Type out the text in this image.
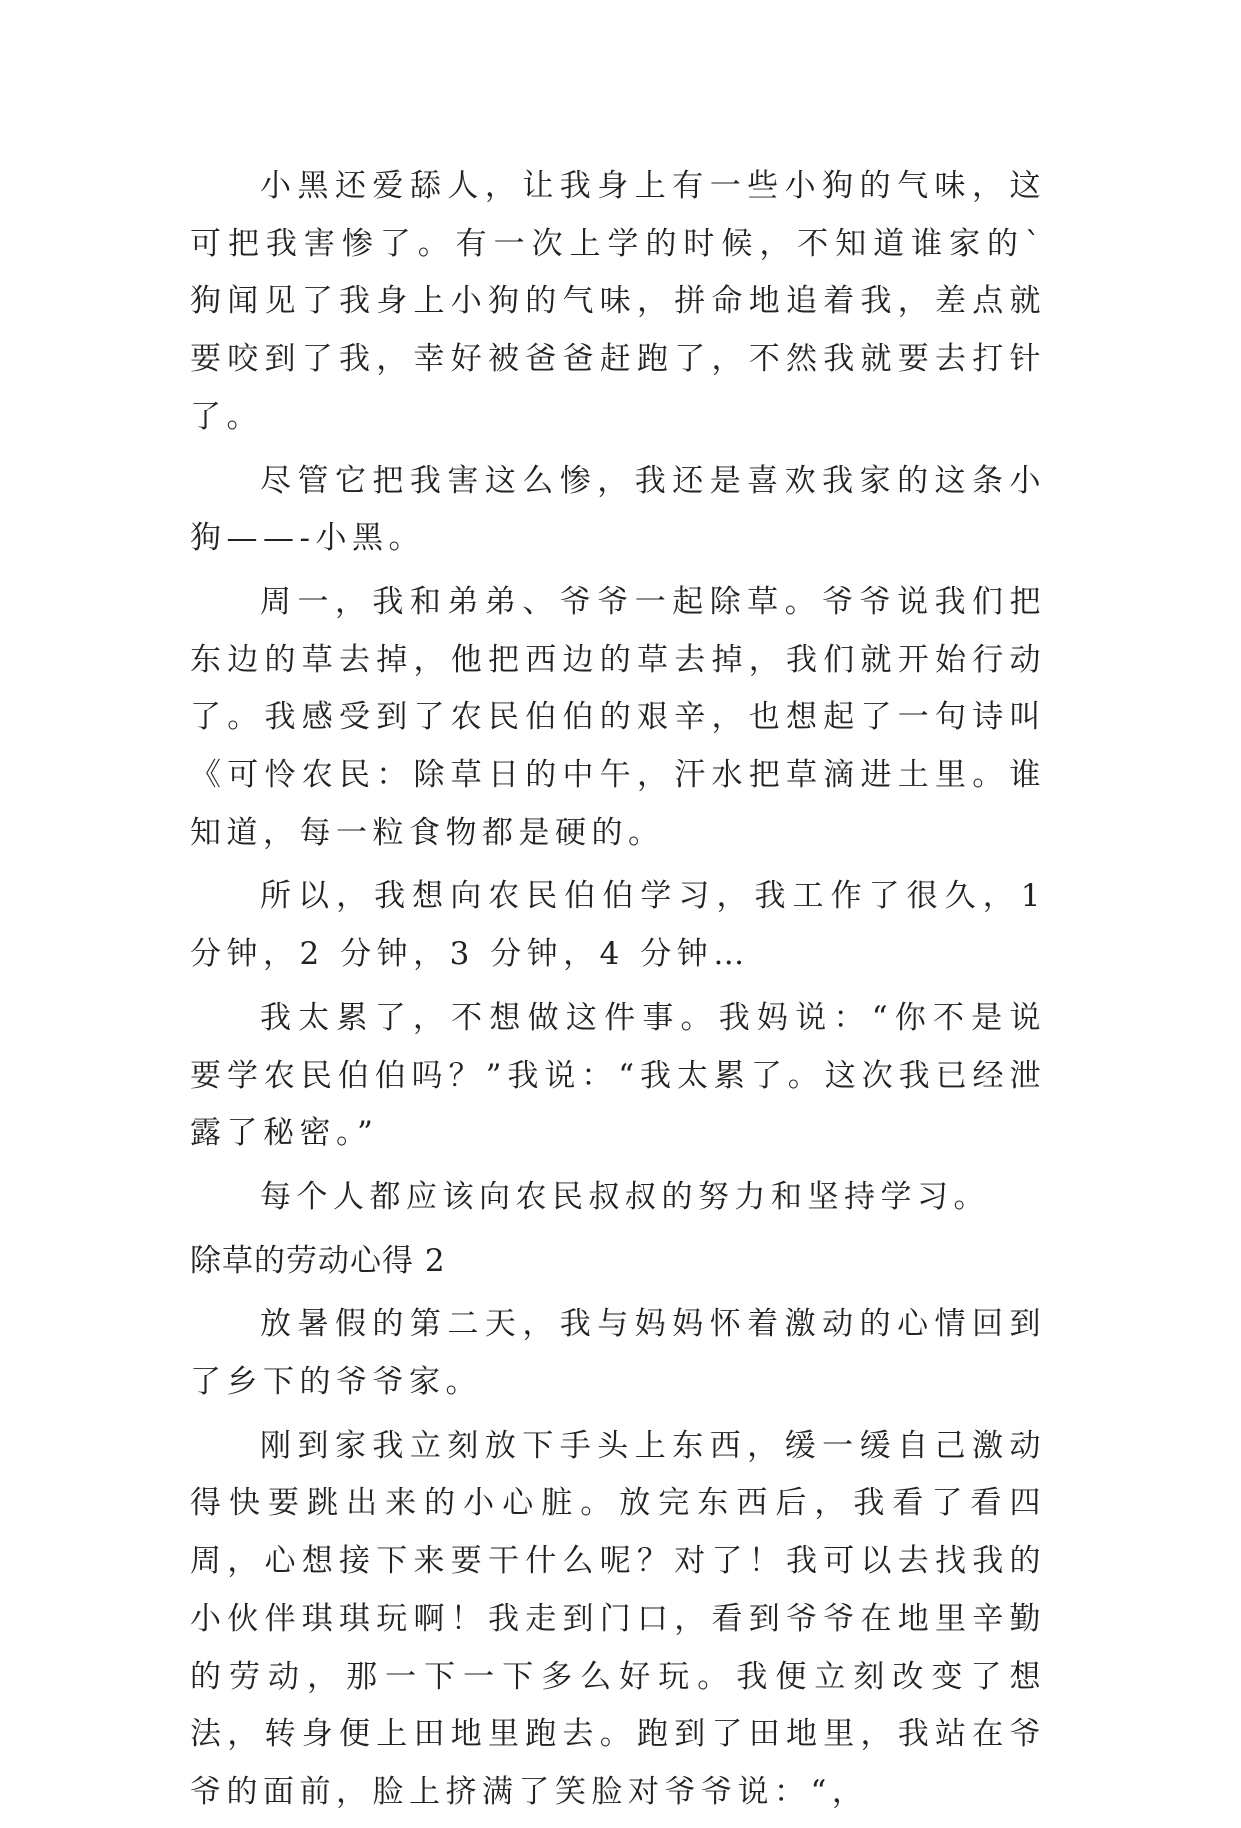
小黑还爱舔人，让我身上有一些小狗的气味，这可把我害惨了。有一次上学的时候，不知道谁家的`狗闻见了我身上小狗的气味，拼命地追着我，差点就要咬到了我，幸好被爸爸赶跑了，不然我就要去打针了。

尽管它把我害这么惨，我还是喜欢我家的这条小狗——-小黑。

周一，我和弟弟、爷爷一起除草。爷爷说我们把东边的草去掉，他把西边的草去掉，我们就开始行动了。我感受到了农民伯伯的艰辛，也想起了一句诗叫《可怜农民：除草日的中午，汗水把草滴进土里。谁知道，每一粒食物都是硬的。

所以，我想向农民伯伯学习，我工作了很久，1 分钟，2 分钟，3 分钟，4 分钟…

我太累了，不想做这件事。我妈说：“你不是说要学农民伯伯吗？”我说：“我太累了。这次我已经泄露了秘密。”

每个人都应该向农民叔叔的努力和坚持学习。

除草的劳动心得 2

放暑假的第二天，我与妈妈怀着激动的心情回到了乡下的爷爷家。

刚到家我立刻放下手头上东西，缓一缓自己激动得快要跳出来的小心脏。放完东西后，我看了看四周，心想接下来要干什么呢？对了！我可以去找我的小伙伴琪琪玩啊！我走到门口，看到爷爷在地里辛勤的劳动，那一下一下多么好玩。我便立刻改变了想法，转身便上田地里跑去。跑到了田地里，我站在爷爷的面前，脸上挤满了笑脸对爷爷说：“，
